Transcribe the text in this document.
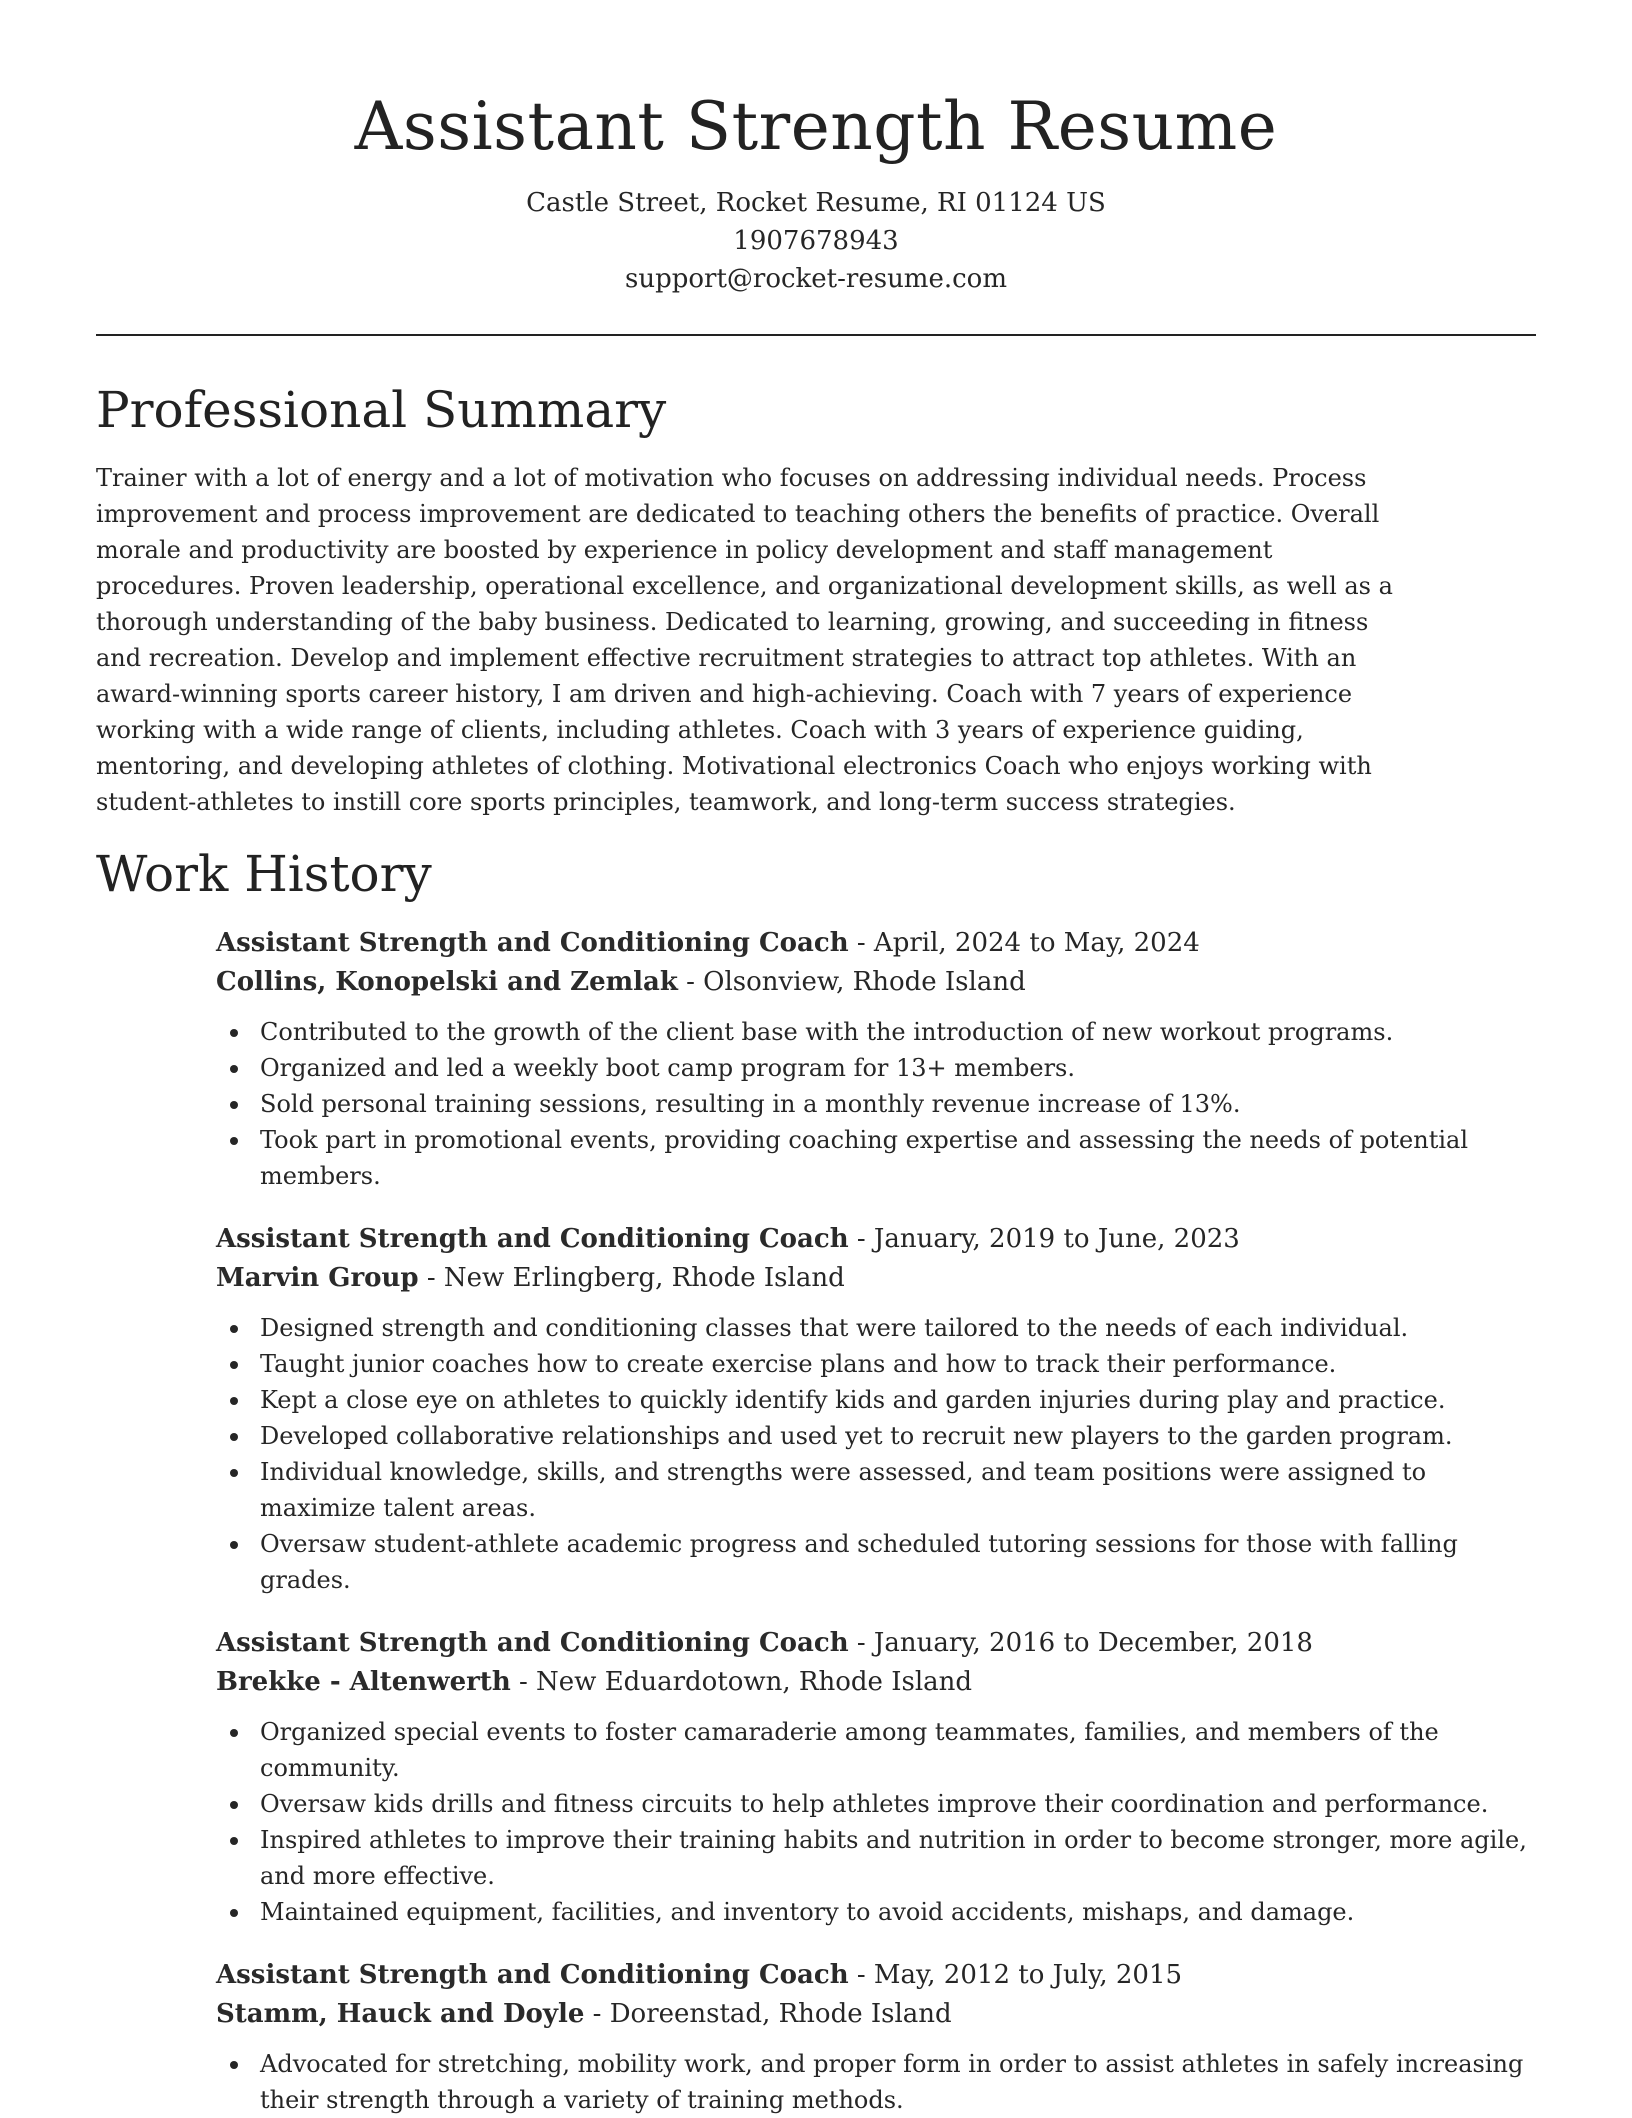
Assistant Strength Resume

Castle Street, Rocket Resume, RI 01124 US

1907678943

support@rocket-resume.com

Professional Summary

Trainer with a lot of energy and a lot of motivation who focuses on addressing individual needs. Process improvement and process improvement are dedicated to teaching others the benefits of practice. Overall morale and productivity are boosted by experience in policy development and staff management procedures. Proven leadership, operational excellence, and organizational development skills, as well as a thorough understanding of the baby business. Dedicated to learning, growing, and succeeding in fitness and recreation. Develop and implement effective recruitment strategies to attract top athletes. With an award-winning sports career history, I am driven and high-achieving. Coach with 7 years of experience working with a wide range of clients, including athletes. Coach with 3 years of experience guiding, mentoring, and developing athletes of clothing. Motivational electronics Coach who enjoys working with student-athletes to instill core sports principles, teamwork, and long-term success strategies.

Work History

Assistant Strength and Conditioning Coach - April, 2024 to May, 2024

Collins, Konopelski and Zemlak - Olsonview, Rhode Island

Contributed to the growth of the client base with the introduction of new workout programs.
Organized and led a weekly boot camp program for 13+ members.
Sold personal training sessions, resulting in a monthly revenue increase of 13%.
Took part in promotional events, providing coaching expertise and assessing the needs of potential members.

Assistant Strength and Conditioning Coach - January, 2019 to June, 2023

Marvin Group - New Erlingberg, Rhode Island

Designed strength and conditioning classes that were tailored to the needs of each individual.
Taught junior coaches how to create exercise plans and how to track their performance.
Kept a close eye on athletes to quickly identify kids and garden injuries during play and practice.
Developed collaborative relationships and used yet to recruit new players to the garden program.
Individual knowledge, skills, and strengths were assessed, and team positions were assigned to maximize talent areas.
Oversaw student-athlete academic progress and scheduled tutoring sessions for those with falling grades.

Assistant Strength and Conditioning Coach - January, 2016 to December, 2018

Brekke - Altenwerth - New Eduardotown, Rhode Island

Organized special events to foster camaraderie among teammates, families, and members of the community.
Oversaw kids drills and fitness circuits to help athletes improve their coordination and performance.
Inspired athletes to improve their training habits and nutrition in order to become stronger, more agile, and more effective.
Maintained equipment, facilities, and inventory to avoid accidents, mishaps, and damage.

Assistant Strength and Conditioning Coach - May, 2012 to July, 2015

Stamm, Hauck and Doyle - Doreenstad, Rhode Island

Advocated for stretching, mobility work, and proper form in order to assist athletes in safely increasing their strength through a variety of training methods.
